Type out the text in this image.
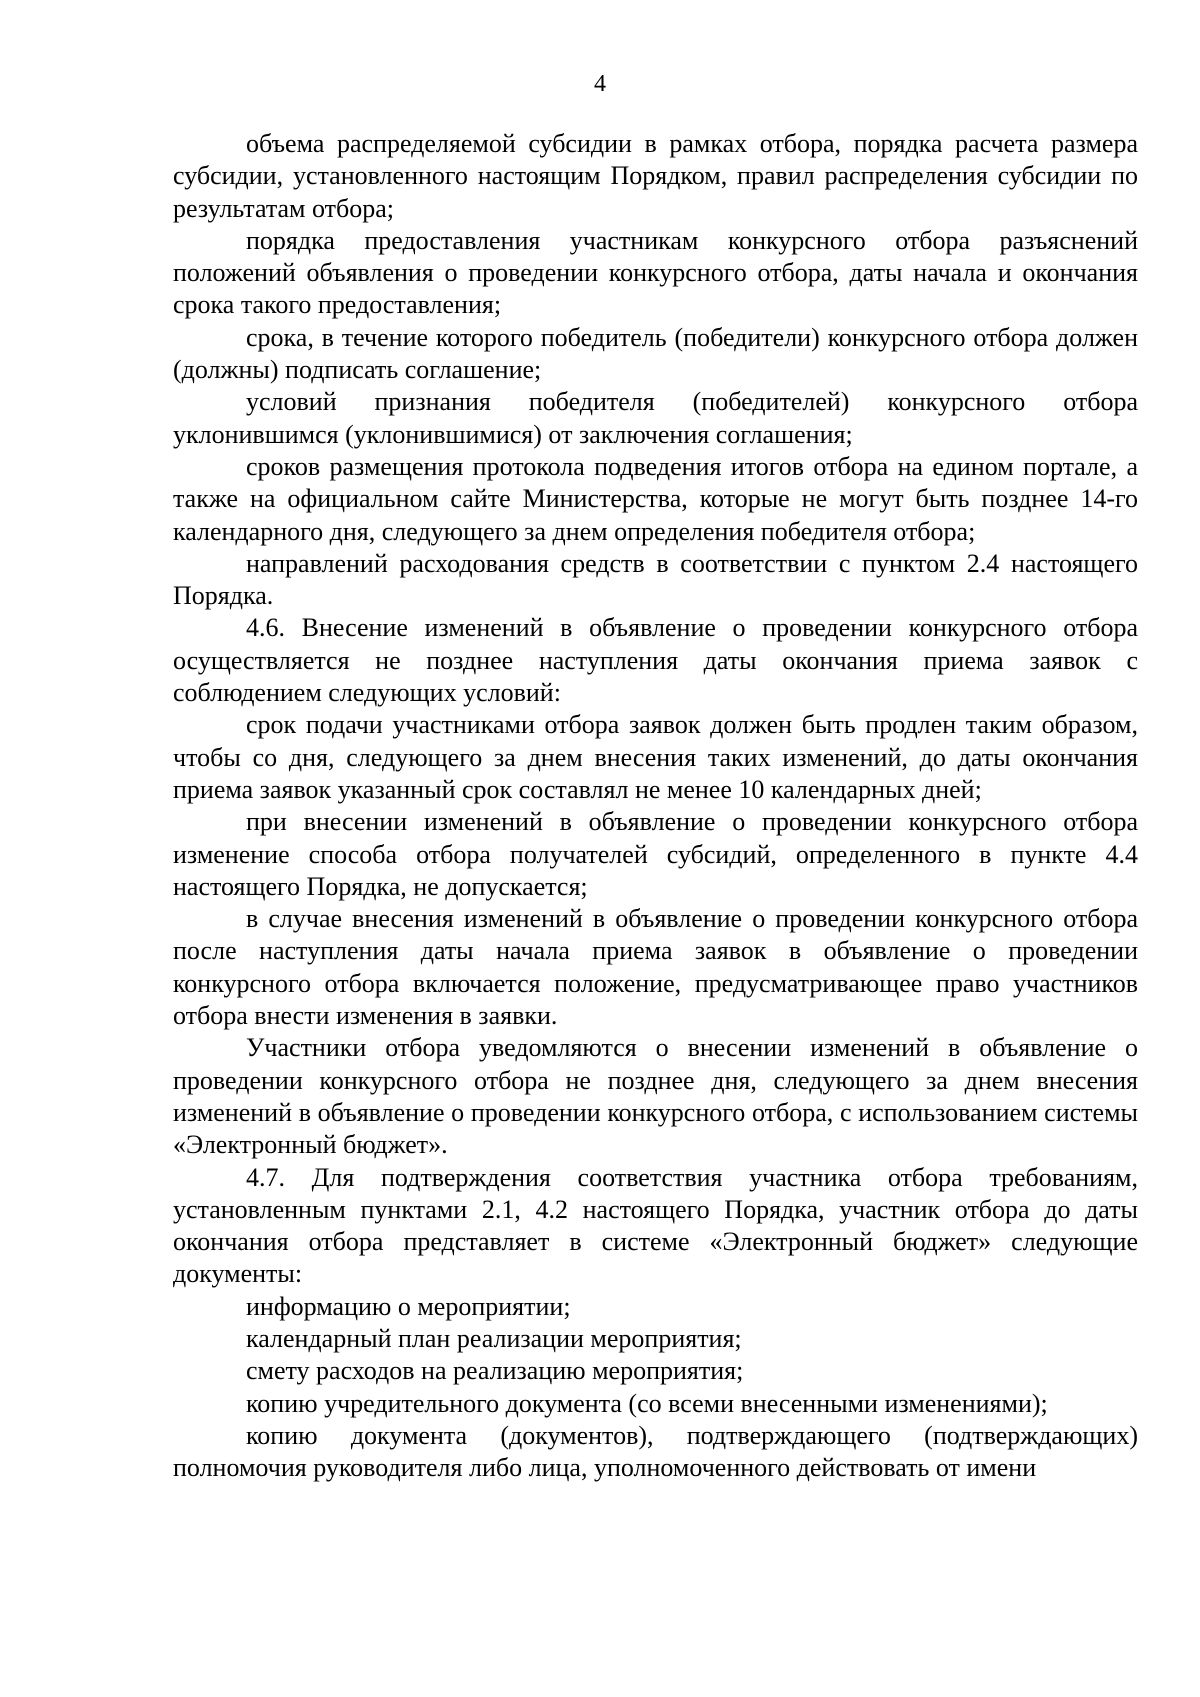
4

объема распределяемой субсидии в рамках отбора, порядка расчета размера субсидии, установленного настоящим Порядком, правил распределения субсидии по результатам отбора;

порядка предоставления участникам конкурсного отбора разъяснений положений объявления о проведении конкурсного отбора, даты начала и окончания срока такого предоставления;

срока, в течение которого победитель (победители) конкурсного отбора должен (должны) подписать соглашение;

условий признания победителя (победителей) конкурсного отбора уклонившимся (уклонившимися) от заключения соглашения;

сроков размещения протокола подведения итогов отбора на едином портале, а также на официальном сайте Министерства, которые не могут быть позднее 14-го календарного дня, следующего за днем определения победителя отбора;

направлений расходования средств в соответствии с пунктом 2.4 настоящего Порядка.

4.6. Внесение изменений в объявление о проведении конкурсного отбора осуществляется не позднее наступления даты окончания приема заявок с соблюдением следующих условий:

срок подачи участниками отбора заявок должен быть продлен таким образом, чтобы со дня, следующего за днем внесения таких изменений, до даты окончания приема заявок указанный срок составлял не менее 10 календарных дней;

при внесении изменений в объявление о проведении конкурсного отбора изменение способа отбора получателей субсидий, определенного в пункте 4.4 настоящего Порядка, не допускается;

в случае внесения изменений в объявление о проведении конкурсного отбора после наступления даты начала приема заявок в объявление о проведении конкурсного отбора включается положение, предусматривающее право участников отбора внести изменения в заявки.

Участники отбора уведомляются о внесении изменений в объявление о проведении конкурсного отбора не позднее дня, следующего за днем внесения изменений в объявление о проведении конкурсного отбора, с использованием системы «Электронный бюджет».

4.7. Для подтверждения соответствия участника отбора требованиям, установленным пунктами 2.1, 4.2 настоящего Порядка, участник отбора до даты окончания отбора представляет в системе «Электронный бюджет» следующие документы:

информацию о мероприятии;

календарный план реализации мероприятия;

смету расходов на реализацию мероприятия;

копию учредительного документа (со всеми внесенными изменениями);

копию документа (документов), подтверждающего (подтверждающих) полномочия руководителя либо лица, уполномоченного действовать от имени
